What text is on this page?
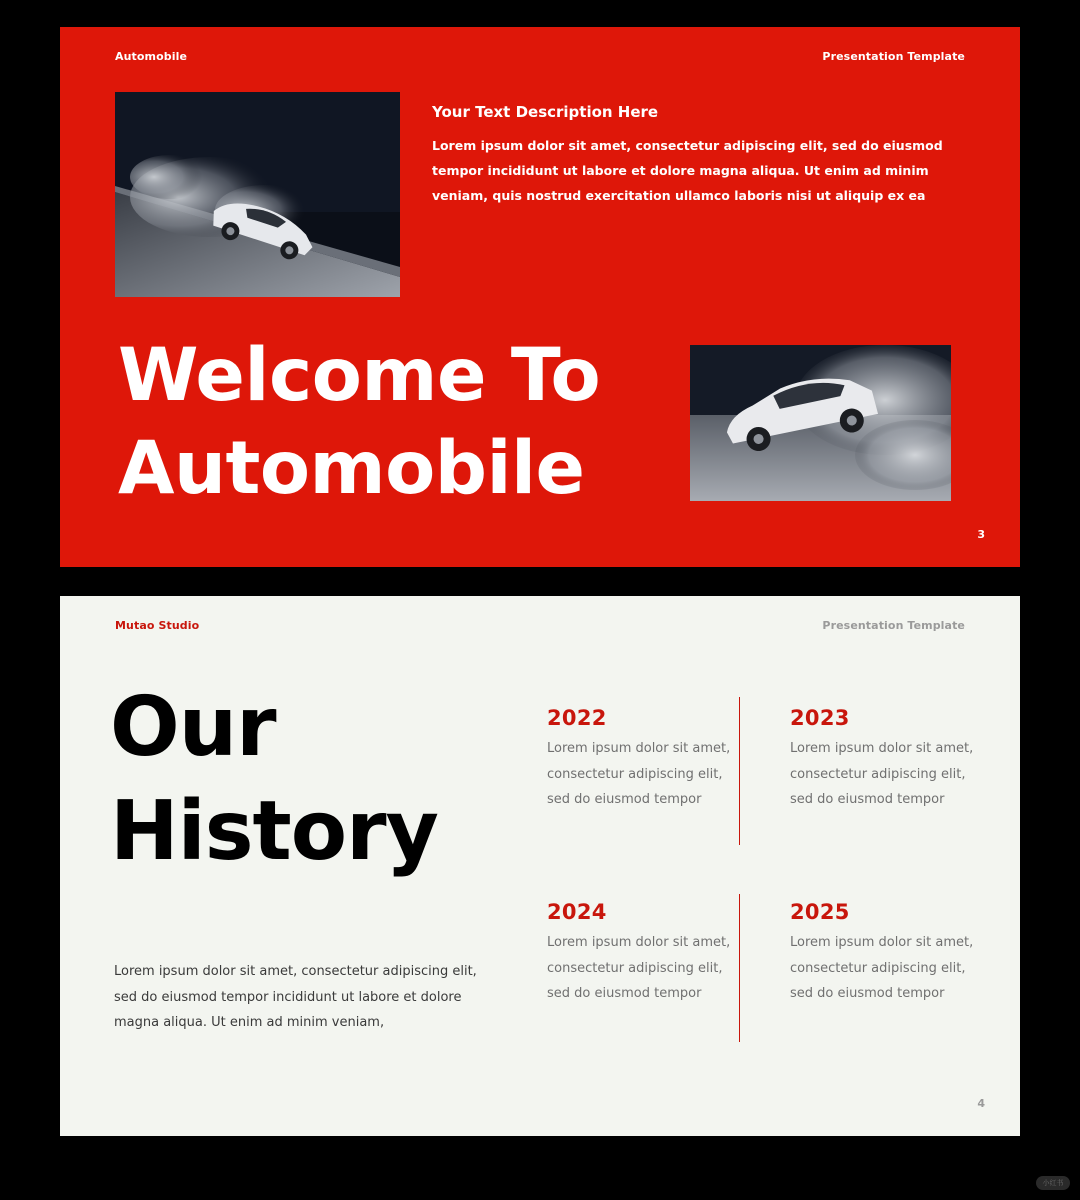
Automobile	Presentation Template
Your Text Description Here
Lorem ipsum dolor sit amet, consectetur adipiscing elit, sed do eiusmod tempor incididunt ut labore et dolore magna aliqua. Ut enim ad minim veniam, quis nostrud exercitation ullamco laboris nisi ut aliquip ex ea
Welcome To
Automobile
3
Mutao Studio	Presentation Template
Our
History
Lorem ipsum dolor sit amet, consectetur adipiscing elit, sed do eiusmod tempor incididunt ut labore et dolore magna aliqua. Ut enim ad minim veniam,
2022
Lorem ipsum dolor sit amet, consectetur adipiscing elit, sed do eiusmod tempor
2023
Lorem ipsum dolor sit amet, consectetur adipiscing elit, sed do eiusmod tempor
2024
Lorem ipsum dolor sit amet, consectetur adipiscing elit, sed do eiusmod tempor
2025
Lorem ipsum dolor sit amet, consectetur adipiscing elit, sed do eiusmod tempor
4
小红书
